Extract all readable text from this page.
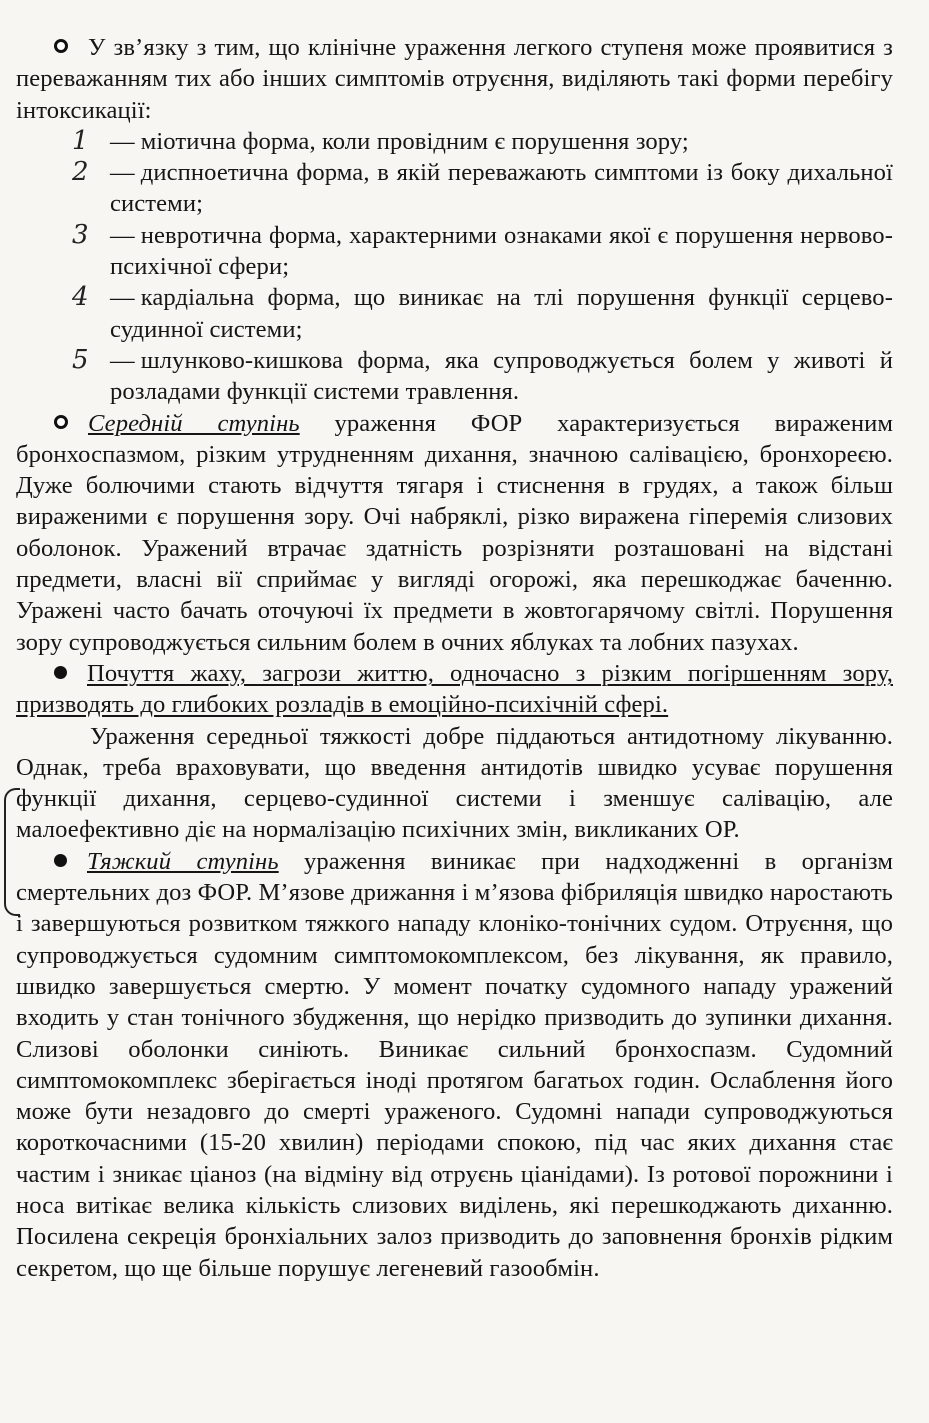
У зв’язку з тим, що клінічне ураження легкого ступеня може проявитися з переважанням тих або інших симптомів отруєння, виділяють такі форми перебігу інтоксикації:

1 — міотична форма, коли провідним є порушення зору;
2 — диспноетична форма, в якій переважають симптоми із боку дихальної системи;
3 — невротична форма, характерними ознаками якої є порушення нервово-психічної сфери;
4 — кардіальна форма, що виникає на тлі порушення функції серцево-судинної системи;
5 — шлунково-кишкова форма, яка супроводжується болем у животі й розладами функції системи травлення.

Середній ступінь ураження ФОР характеризується вираженим бронхоспазмом, різким утрудненням дихання, значною салівацією, бронхореєю. Дуже болючими стають відчуття тягаря і стиснення в грудях, а також більш вираженими є порушення зору. Очі набряклі, різко виражена гіперемія слизових оболонок. Уражений втрачає здатність розрізняти розташовані на відстані предмети, власні вії сприймає у вигляді огорожі, яка перешкоджає баченню. Уражені часто бачать оточуючі їх предмети в жовтогарячому світлі. Порушення зору супроводжується сильним болем в очних яблуках та лобних пазухах.

Почуття жаху, загрози життю, одночасно з різким погіршенням зору, призводять до глибоких розладів в емоційно-психічній сфері.

Ураження середньої тяжкості добре піддаються антидотному лікуванню. Однак, треба враховувати, що введення антидотів швидко усуває порушення функції дихання, серцево-судинної системи і зменшує салівацію, але малоефективно діє на нормалізацію психічних змін, викликаних ОР.

Тяжкий ступінь ураження виникає при надходженні в організм смертельних доз ФОР. М’язове дрижання і м’язова фібриляція швидко наростають і завершуються розвитком тяжкого нападу клоніко-тонічних судом. Отруєння, що супроводжується судомним симптомокомплексом, без лікування, як правило, швидко завершується смертю. У момент початку судомного нападу уражений входить у стан тонічного збудження, що нерідко призводить до зупинки дихання. Слизові оболонки синіють. Виникає сильний бронхоспазм. Судомний симптомокомплекс зберігається іноді протягом багатьох годин. Ослаблення його може бути незадовго до смерті ураженого. Судомні напади супроводжуються короткочасними (15-20 хвилин) періодами спокою, під час яких дихання стає частим і зникає ціаноз (на відміну від отруєнь ціанідами). Із ротової порожнини і носа витікає велика кількість слизових виділень, які перешкоджають диханню. Посилена секреція бронхіальних залоз призводить до заповнення бронхів рідким секретом, що ще більше порушує легеневий газообмін.
